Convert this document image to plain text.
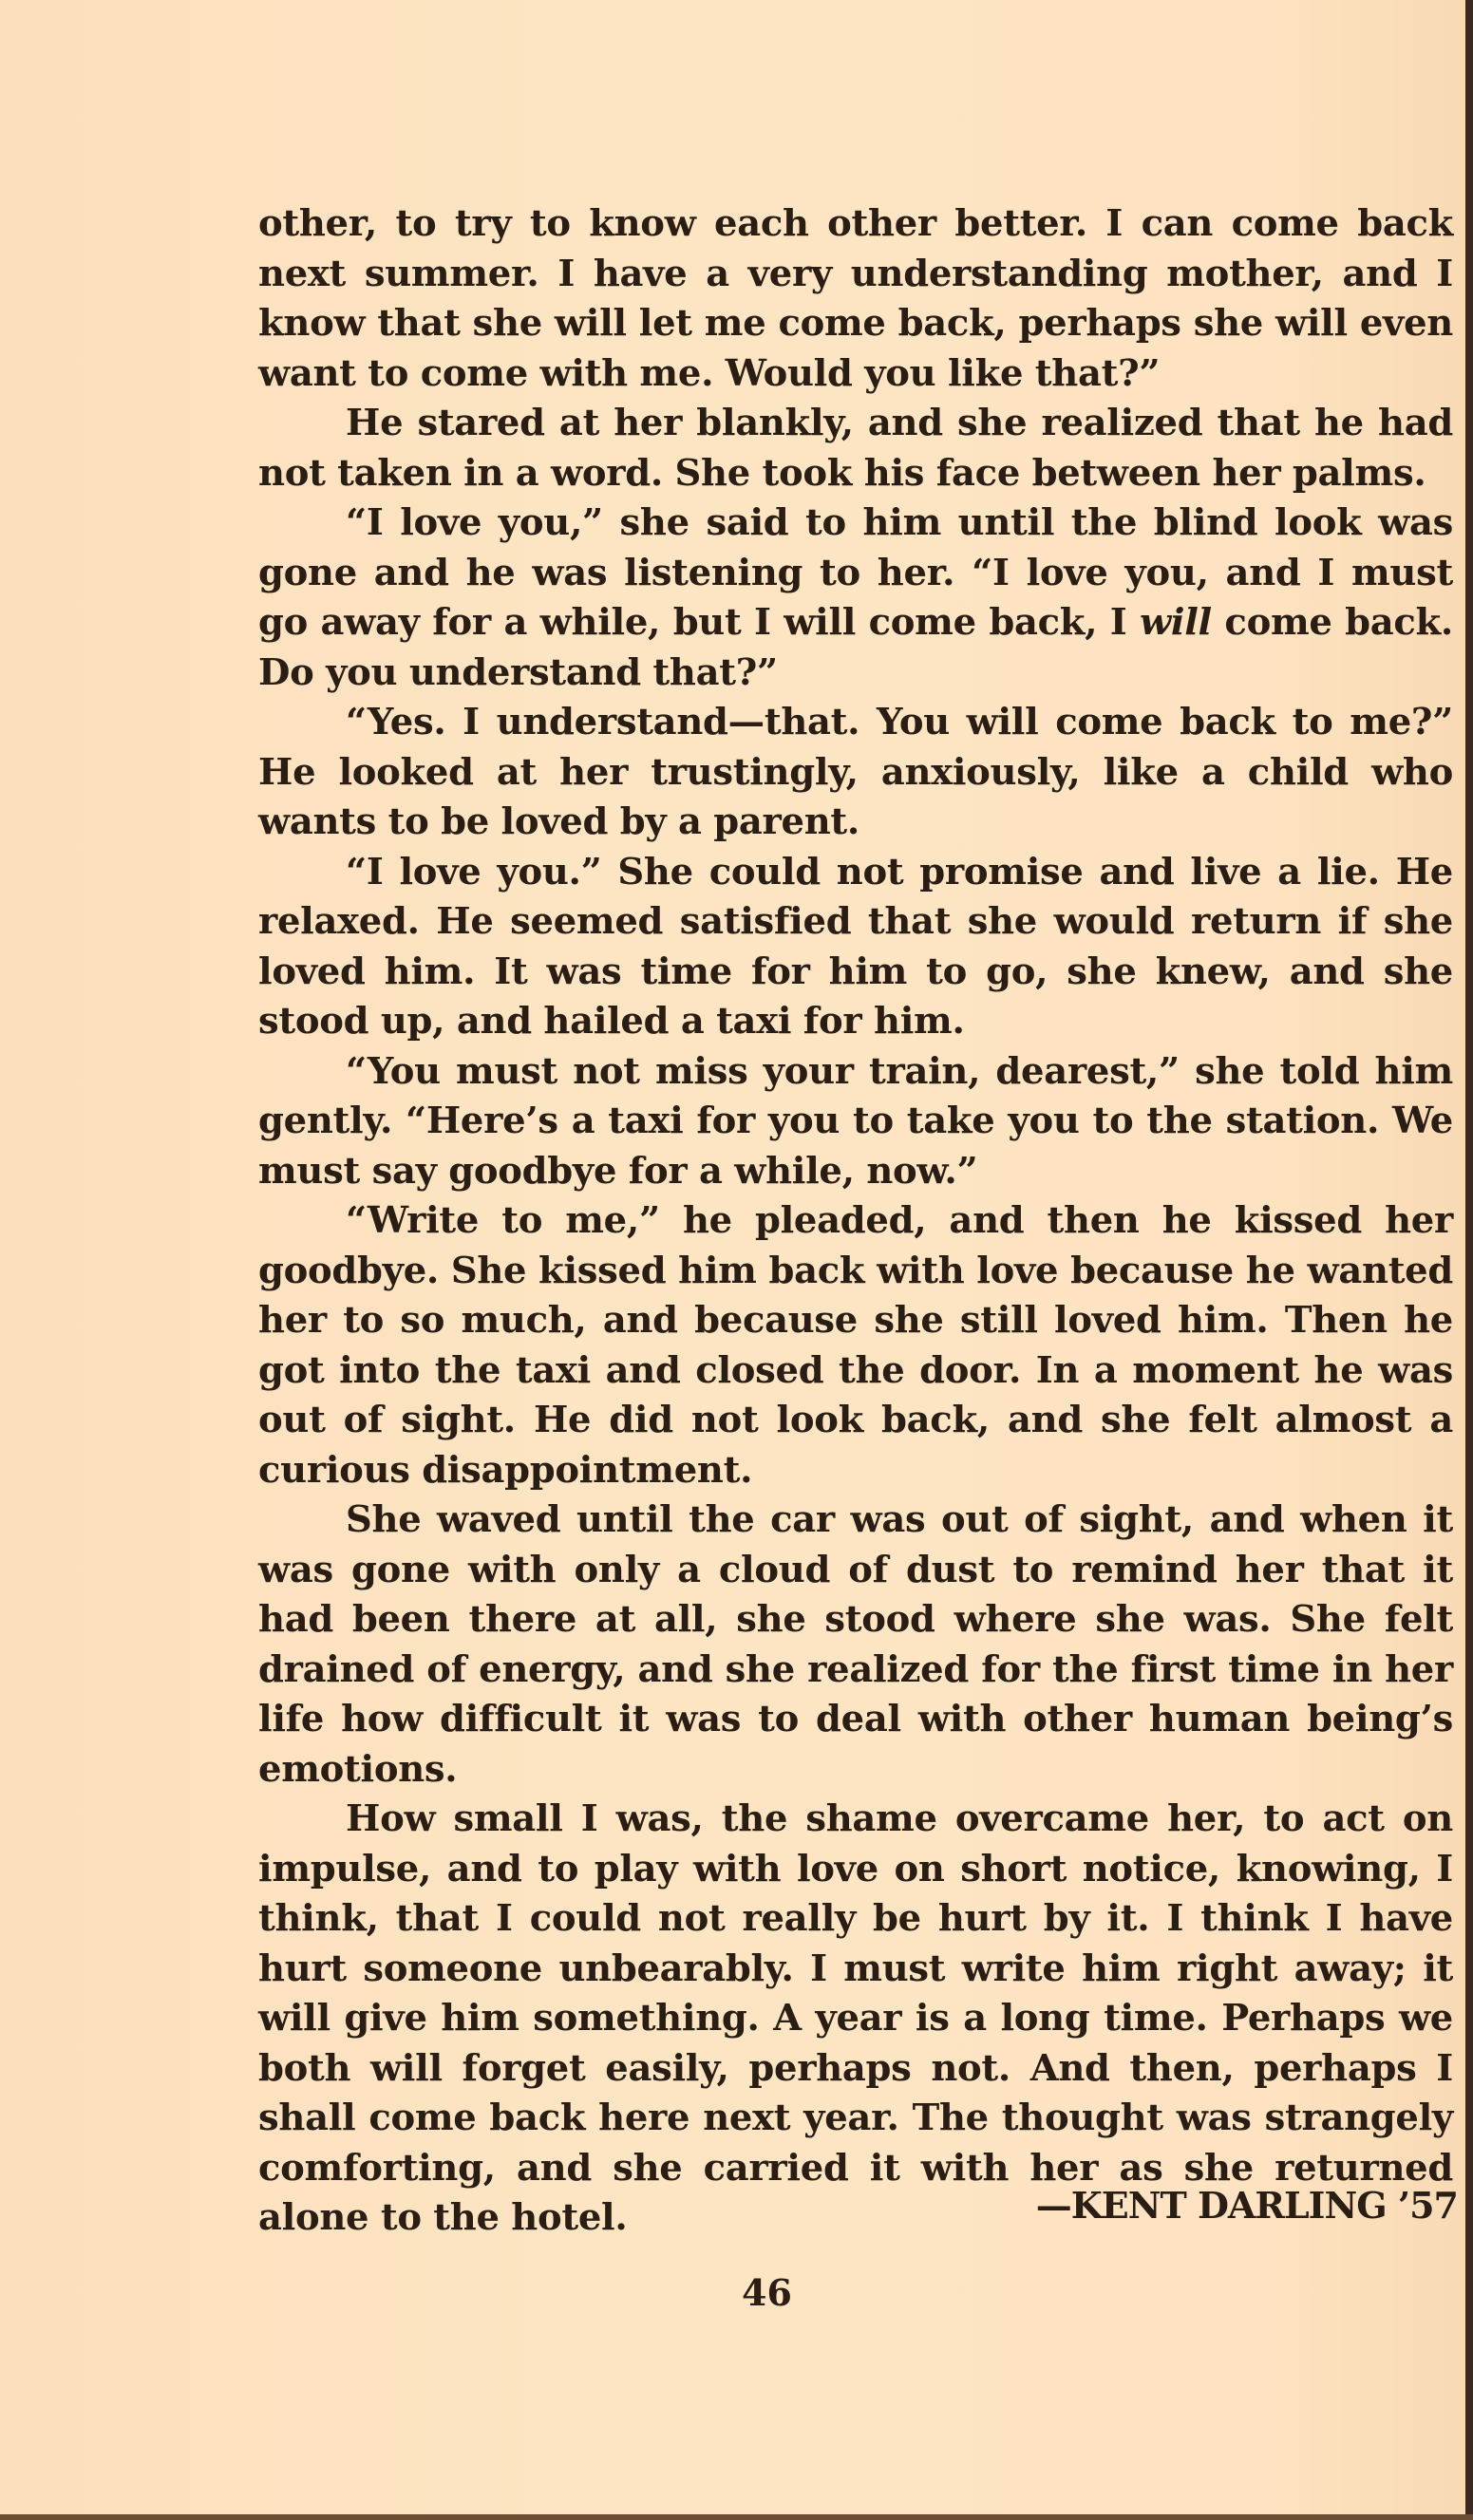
other, to try to know each other better. I can come back next summer. I have a very understanding mother, and I know that she will let me come back, perhaps she will even want to come with me. Would you like that?”

He stared at her blankly, and she realized that he had not taken in a word. She took his face between her palms.

“I love you,” she said to him until the blind look was gone and he was listening to her. “I love you, and I must go away for a while, but I will come back, I will come back. Do you understand that?”

“Yes. I understand—that. You will come back to me?” He looked at her trustingly, anxiously, like a child who wants to be loved by a parent.

“I love you.” She could not promise and live a lie. He relaxed. He seemed satisfied that she would return if she loved him. It was time for him to go, she knew, and she stood up, and hailed a taxi for him.

“You must not miss your train, dearest,” she told him gently. “Here’s a taxi for you to take you to the station. We must say goodbye for a while, now.”

“Write to me,” he pleaded, and then he kissed her goodbye. She kissed him back with love because he wanted her to so much, and because she still loved him. Then he got into the taxi and closed the door. In a moment he was out of sight. He did not look back, and she felt almost a curious disappointment.

She waved until the car was out of sight, and when it was gone with only a cloud of dust to remind her that it had been there at all, she stood where she was. She felt drained of energy, and she realized for the first time in her life how difficult it was to deal with other human being’s emotions.

How small I was, the shame overcame her, to act on impulse, and to play with love on short notice, knowing, I think, that I could not really be hurt by it. I think I have hurt someone unbearably. I must write him right away; it will give him something. A year is a long time. Perhaps we both will forget easily, perhaps not. And then, perhaps I shall come back here next year. The thought was strangely comforting, and she carried it with her as she returned alone to the hotel.	—KENT DARLING ’57
46
